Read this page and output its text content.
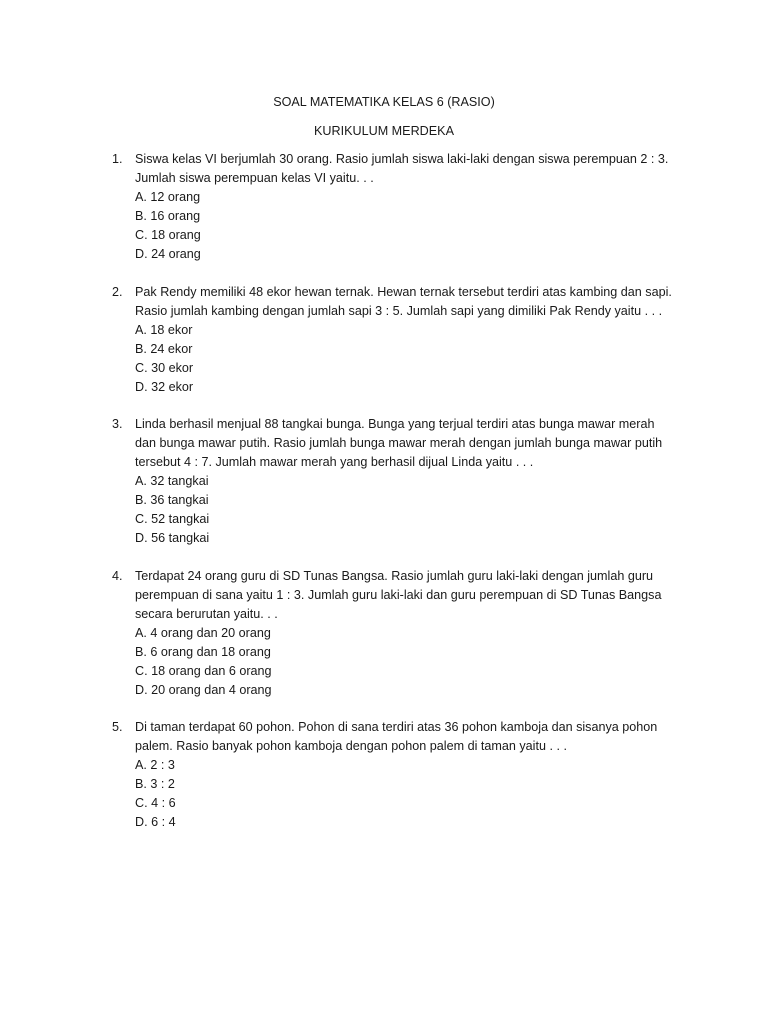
SOAL MATEMATIKA KELAS 6 (RASIO)
KURIKULUM MERDEKA
1. Siswa kelas VI berjumlah 30 orang. Rasio jumlah siswa laki-laki dengan siswa perempuan 2 : 3.
Jumlah siswa perempuan kelas VI yaitu. . .
A. 12 orang
B. 16 orang
C. 18 orang
D. 24 orang
2. Pak Rendy memiliki 48 ekor hewan ternak. Hewan ternak tersebut terdiri atas kambing dan sapi.
Rasio jumlah kambing dengan jumlah sapi 3 : 5. Jumlah sapi yang dimiliki Pak Rendy yaitu . . .
A. 18 ekor
B. 24 ekor
C. 30 ekor
D. 32 ekor
3. Linda berhasil menjual 88 tangkai bunga. Bunga yang terjual terdiri atas bunga mawar merah
dan bunga mawar putih. Rasio jumlah bunga mawar merah dengan jumlah bunga mawar putih
tersebut 4 : 7. Jumlah mawar merah yang berhasil dijual Linda yaitu . . .
A. 32 tangkai
B. 36 tangkai
C. 52 tangkai
D. 56 tangkai
4. Terdapat 24 orang guru di SD Tunas Bangsa. Rasio jumlah guru laki-laki dengan jumlah guru
perempuan di sana yaitu 1 : 3. Jumlah guru laki-laki dan guru perempuan di SD Tunas Bangsa
secara berurutan yaitu. . .
A. 4 orang dan 20 orang
B. 6 orang dan 18 orang
C. 18 orang dan 6 orang
D. 20 orang dan 4 orang
5. Di taman terdapat 60 pohon. Pohon di sana terdiri atas 36 pohon kamboja dan sisanya pohon
palem. Rasio banyak pohon kamboja dengan pohon palem di taman yaitu . . .
A. 2 : 3
B. 3 : 2
C. 4 : 6
D. 6 : 4
